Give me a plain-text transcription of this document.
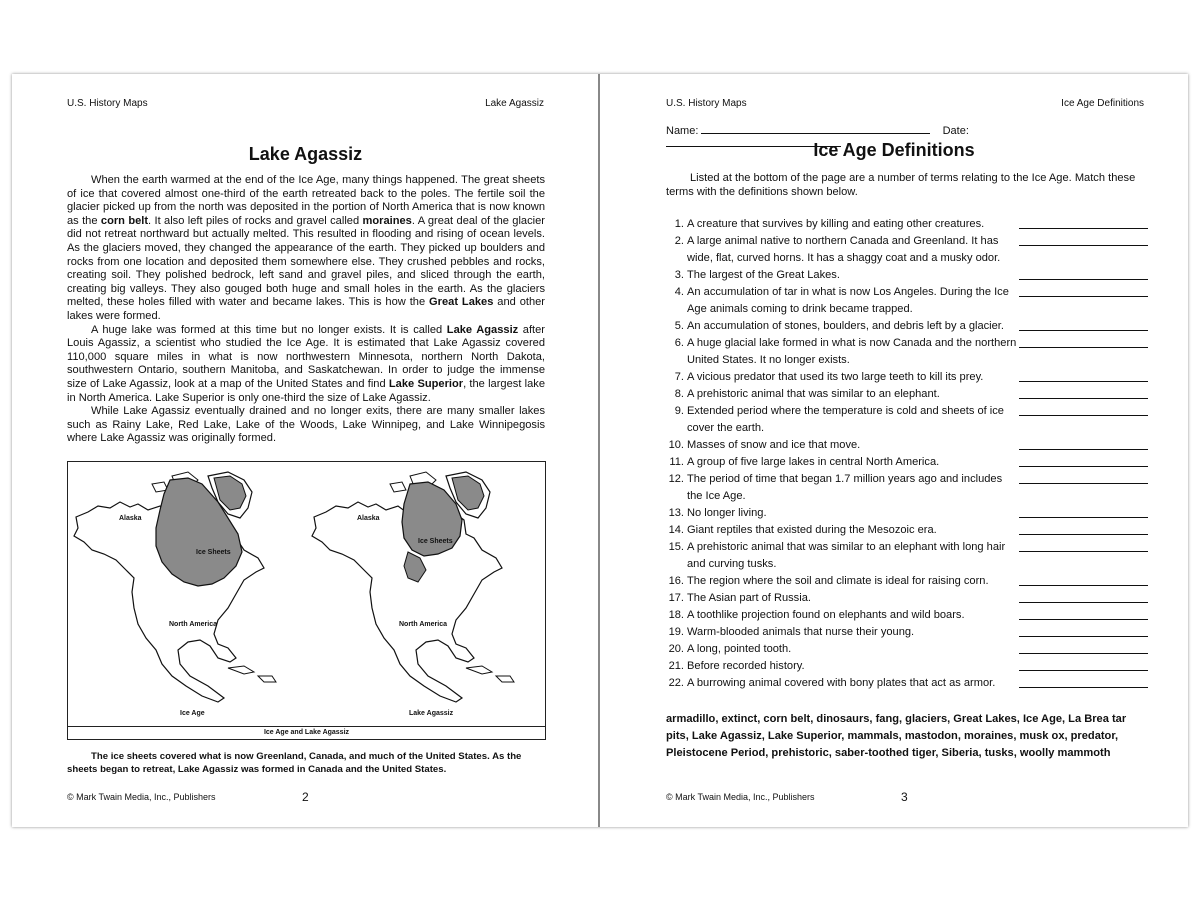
U.S. History Maps	Lake Agassiz
Lake Agassiz

When the earth warmed at the end of the Ice Age, many things happened. The great sheets of ice that covered almost one-third of the earth retreated back to the poles. The fertile soil the glacier picked up from the north was deposited in the portion of North America that is now known as the corn belt. It also left piles of rocks and gravel called moraines. A great deal of the glacier did not retreat northward but actually melted. This resulted in flooding and rising of ocean levels. As the glaciers moved, they changed the appearance of the earth. They picked up boulders and rocks from one location and deposited them somewhere else. They crushed pebbles and rocks, creating soil. They polished bedrock, left sand and gravel piles, and sliced through the earth, creating big valleys. They also gouged both huge and small holes in the earth. As the glaciers melted, these holes filled with water and became lakes. This is how the Great Lakes and other lakes were formed.

A huge lake was formed at this time but no longer exists. It is called Lake Agassiz after Louis Agassiz, a scientist who studied the Ice Age. It is estimated that Lake Agassiz covered 110,000 square miles in what is now northwestern Minnesota, northern North Dakota, southwestern Ontario, southern Manitoba, and Saskatchewan. In order to judge the immense size of Lake Agassiz, look at a map of the United States and find Lake Superior, the largest lake in North America. Lake Superior is only one-third the size of Lake Agassiz.

While Lake Agassiz eventually drained and no longer exits, there are many smaller lakes such as Rainy Lake, Red Lake, Lake of the Woods, Lake Winnipeg, and Lake Winnipegosis where Lake Agassiz was originally formed.

Alaska
Ice Sheets
North America
Ice Age
Alaska
Ice Sheets
North America
Lake Agassiz
Ice Age and Lake Agassiz
The ice sheets covered what is now Greenland, Canada, and much of the United States. As the sheets began to retreat, Lake Agassiz was formed in Canada and the United States.
© Mark Twain Media, Inc., Publishers	2
U.S. History Maps	Ice Age Definitions
Name:	Date:
Ice Age Definitions

Listed at the bottom of the page are a number of terms relating to the Ice Age. Match these terms with the definitions shown below.

1. A creature that survives by killing and eating other creatures.
2. A large animal native to northern Canada and Greenland. It has
wide, flat, curved horns. It has a shaggy coat and a musky odor.
3. The largest of the Great Lakes.
4. An accumulation of tar in what is now Los Angeles. During the Ice
Age animals coming to drink became trapped.
5. An accumulation of stones, boulders, and debris left by a glacier.
6. A huge glacial lake formed in what is now Canada and the northern
United States. It no longer exists.
7. A vicious predator that used its two large teeth to kill its prey.
8. A prehistoric animal that was similar to an elephant.
9. Extended period where the temperature is cold and sheets of ice
cover the earth.
10. Masses of snow and ice that move.
11. A group of five large lakes in central North America.
12. The period of time that began 1.7 million years ago and includes
the Ice Age.
13. No longer living.
14. Giant reptiles that existed during the Mesozoic era.
15. A prehistoric animal that was similar to an elephant with long hair
and curving tusks.
16. The region where the soil and climate is ideal for raising corn.
17. The Asian part of Russia.
18. A toothlike projection found on elephants and wild boars.
19. Warm-blooded animals that nurse their young.
20. A long, pointed tooth.
21. Before recorded history.
22. A burrowing animal covered with bony plates that act as armor.
armadillo, extinct, corn belt, dinosaurs, fang, glaciers, Great Lakes, Ice Age, La Brea tar pits, Lake Agassiz, Lake Superior, mammals, mastodon, moraines, musk ox, predator, Pleistocene Period, prehistoric, saber-toothed tiger, Siberia, tusks, woolly mammoth
© Mark Twain Media, Inc., Publishers	3
